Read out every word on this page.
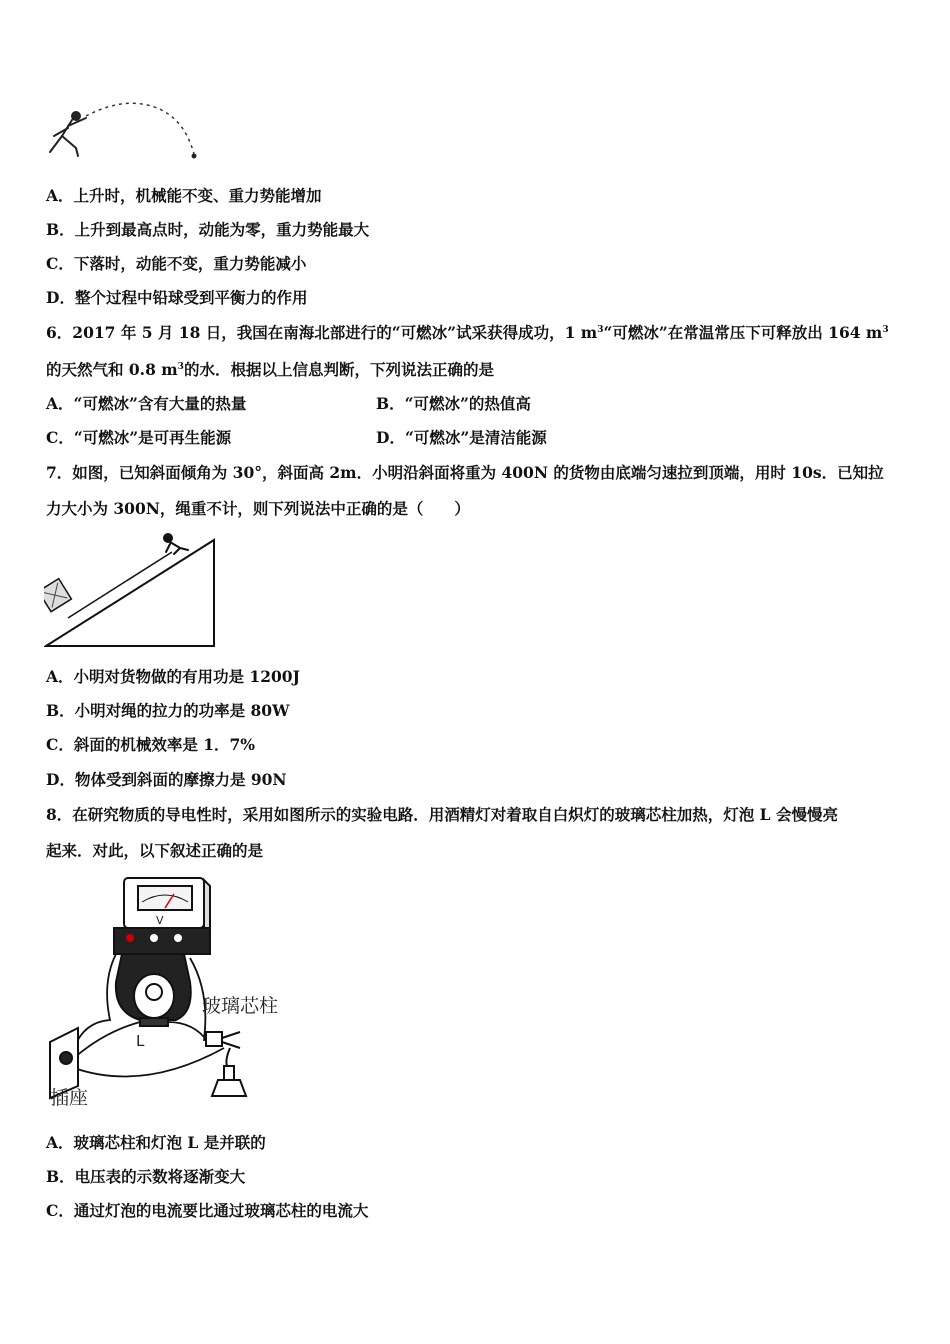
A．上升时，机械能不变、重力势能增加
B．上升到最高点时，动能为零，重力势能最大
C．下落时，动能不变，重力势能减小
D．整个过程中铅球受到平衡力的作用
6．2017 年 5 月 18 日，我国在南海北部进行的“可燃冰”试采获得成功，1 $m^3“$可燃冰”在常温常压下可释放出 164 $m^3$
的天然气和 0.8 $m^3$的水．根据以上信息判断，下列说法正确的是
A．“可燃冰”含有大量的热量	B．“可燃冰”的热值高
C．“可燃冰”是可再生能源	D．“可燃冰”是清洁能源
7．如图，已知斜面倾角为 30°，斜面高 2m．小明沿斜面将重为 400N 的货物由底端匀速拉到顶端，用时 10s．已知拉
力大小为 300N，绳重不计，则下列说法中正确的是（　　）
A．小明对货物做的有用功是 1200J
B．小明对绳的拉力的功率是 80W
C．斜面的机械效率是 1．7%
D．物体受到斜面的摩擦力是 90N
8．在研究物质的导电性时，采用如图所示的实验电路．用酒精灯对着取自白炽灯的玻璃芯柱加热，灯泡 L 会慢慢亮
起来．对此，以下叙述正确的是
V
L
插座
玻璃芯柱
A．玻璃芯柱和灯泡 L 是并联的
B．电压表的示数将逐渐变大
C．通过灯泡的电流要比通过玻璃芯柱的电流大
